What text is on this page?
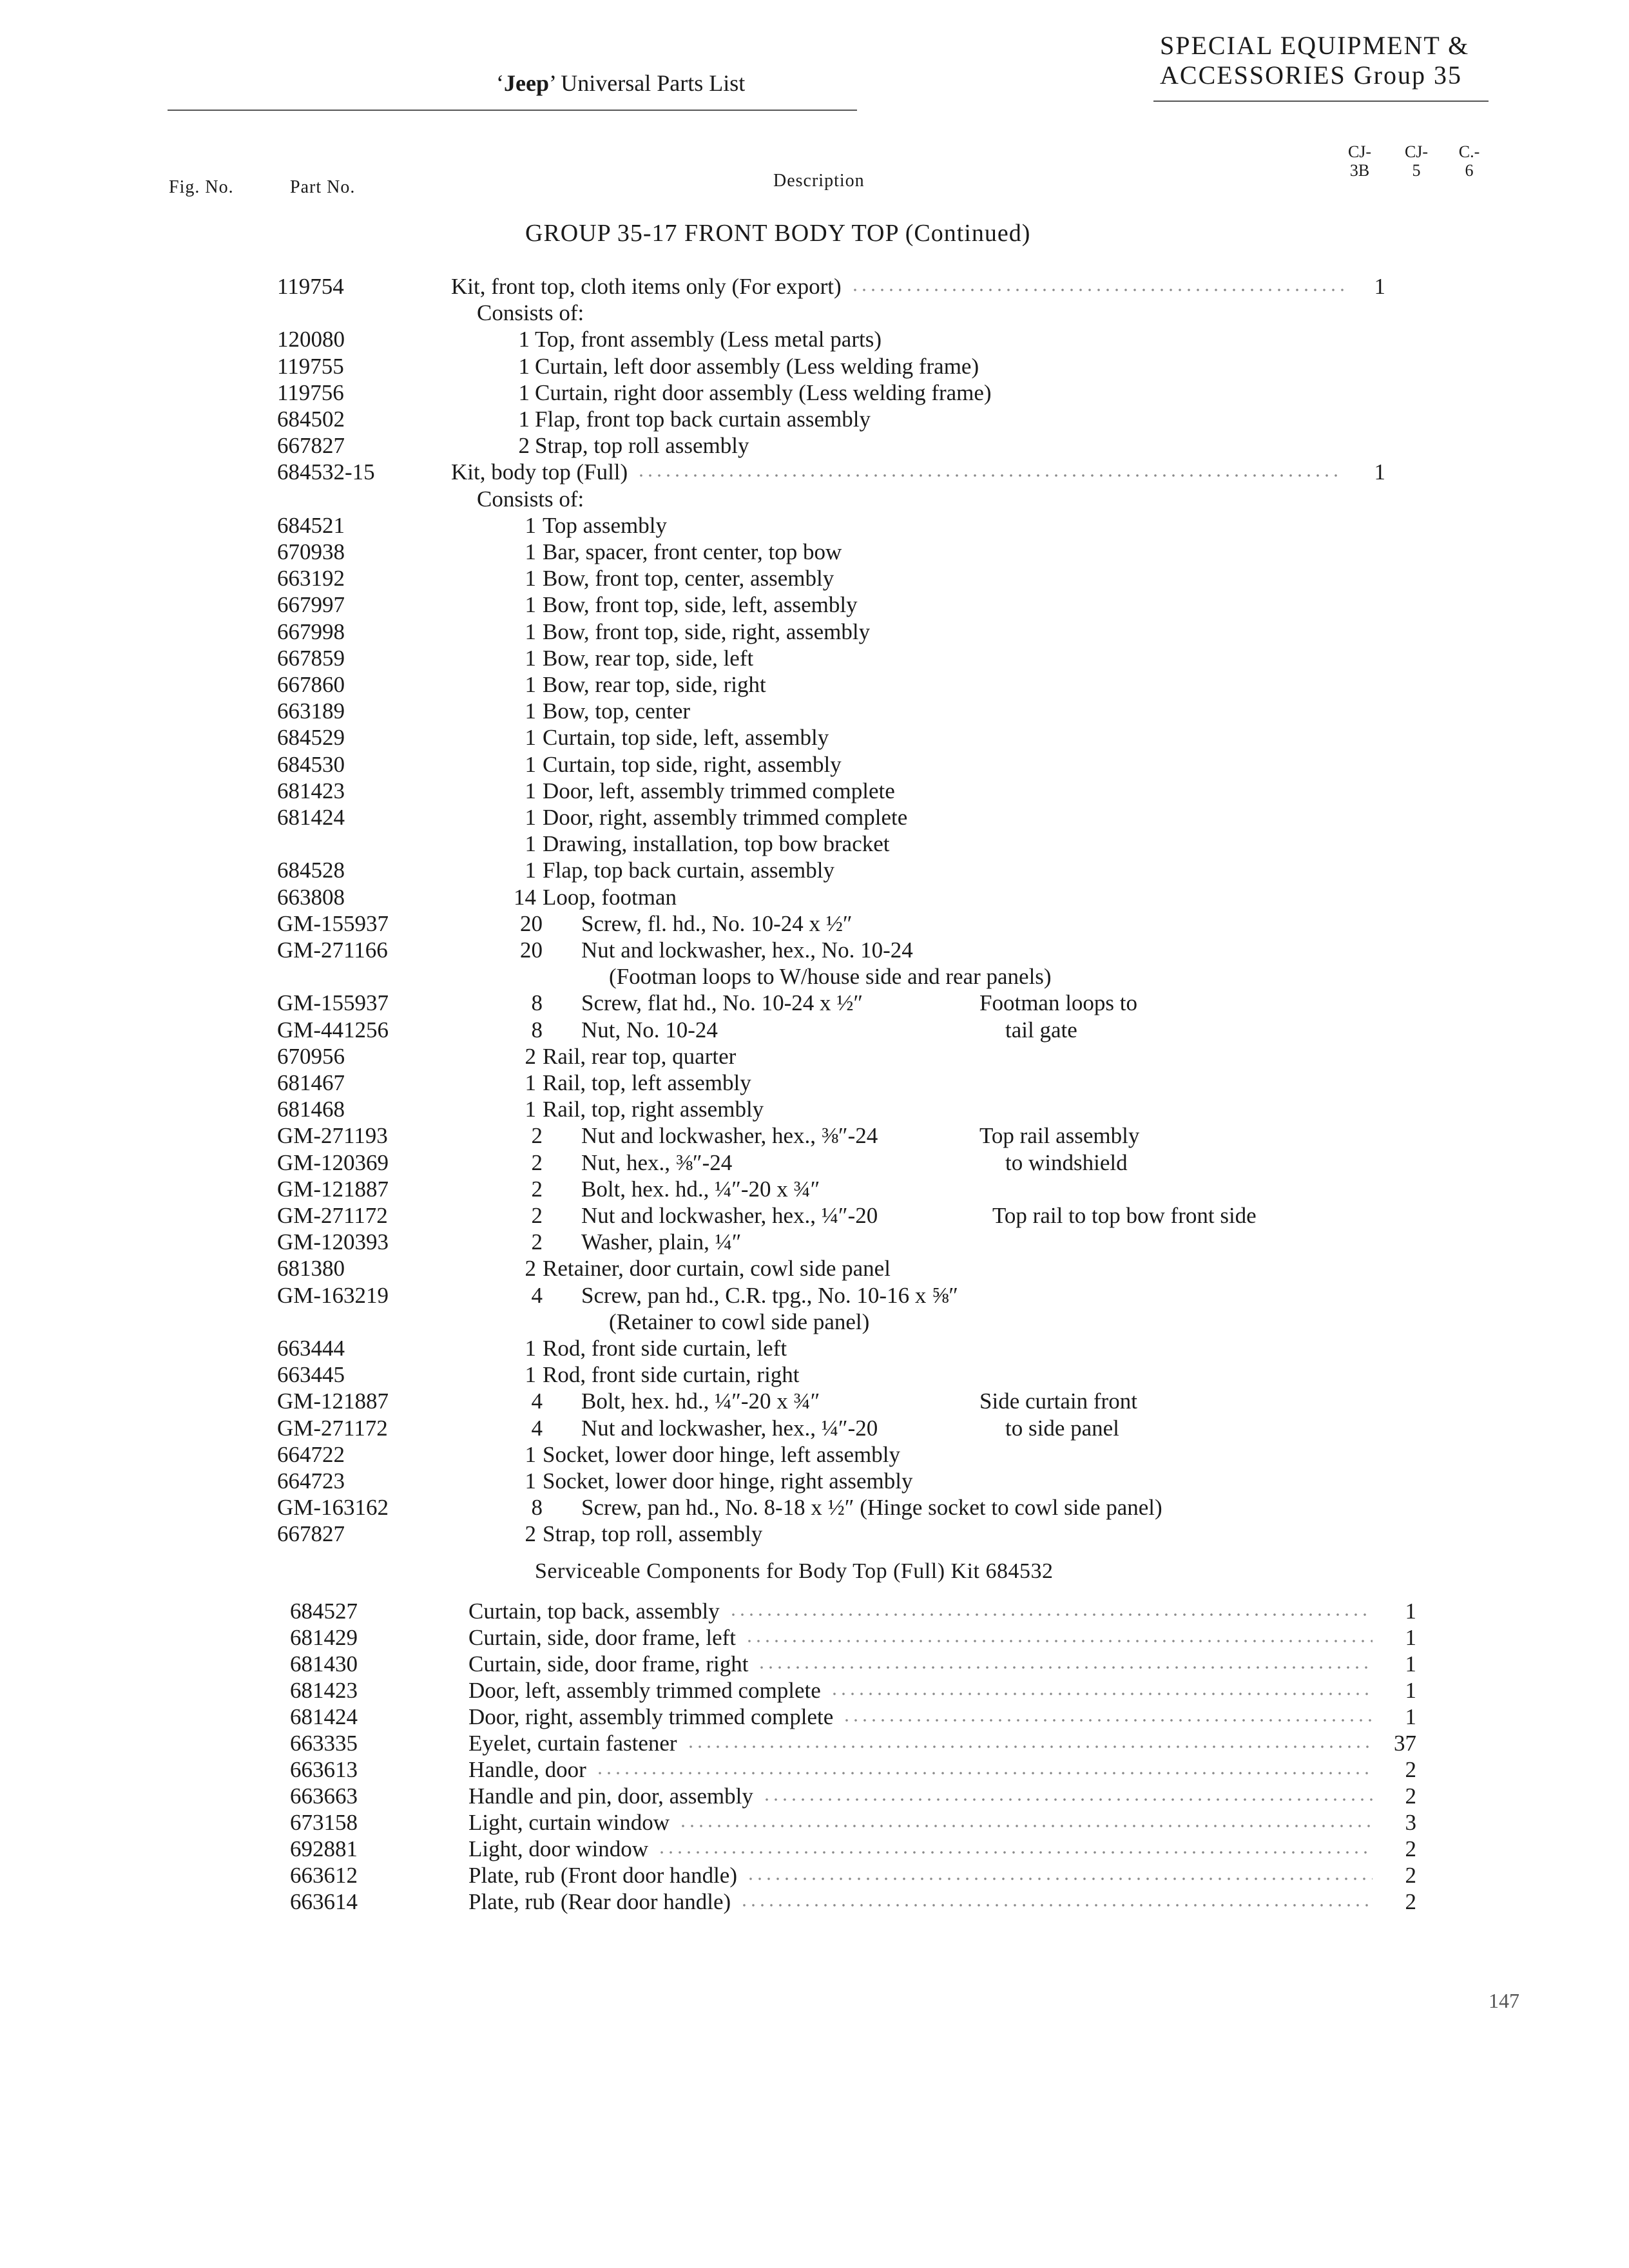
‘Jeep’ Universal Parts List
SPECIAL EQUIPMENT &
ACCESSORIES Group 35
Fig. No.	Part No.	Description
CJ-
3B
CJ-
5
C.-
6
GROUP 35-17 FRONT BODY TOP (Continued)
119754	Kit, front top, cloth items only (For export)	1
Consists of:
120080	1 Top, front assembly (Less metal parts)
119755	1 Curtain, left door assembly (Less welding frame)
119756	1 Curtain, right door assembly (Less welding frame)
684502	1 Flap, front top back curtain assembly
667827	2 Strap, top roll assembly
684532-15	Kit, body top (Full)	1
Consists of:
684521	1 Top assembly
670938	1 Bar, spacer, front center, top bow
663192	1 Bow, front top, center, assembly
667997	1 Bow, front top, side, left, assembly
667998	1 Bow, front top, side, right, assembly
667859	1 Bow, rear top, side, left
667860	1 Bow, rear top, side, right
663189	1 Bow, top, center
684529	1 Curtain, top side, left, assembly
684530	1 Curtain, top side, right, assembly
681423	1 Door, left, assembly trimmed complete
681424	1 Door, right, assembly trimmed complete
1 Drawing, installation, top bow bracket
684528	1 Flap, top back curtain, assembly
663808	14 Loop, footman
GM-155937	20 Screw, fl. hd., No. 10-24 x ½″
GM-271166	20 Nut and lockwasher, hex., No. 10-24
(Footman loops to W/house side and rear panels)
GM-155937	8 Screw, flat hd., No. 10-24 x ½″	Footman loops to
GM-441256	8 Nut, No. 10-24	tail gate
670956	2 Rail, rear top, quarter
681467	1 Rail, top, left assembly
681468	1 Rail, top, right assembly
GM-271193	2 Nut and lockwasher, hex., ⅜″-24	Top rail assembly
GM-120369	2 Nut, hex., ⅜″-24	to windshield
GM-121887	2 Bolt, hex. hd., ¼″-20 x ¾″
GM-271172	2 Nut and lockwasher, hex., ¼″-20	Top rail to top bow front side
GM-120393	2 Washer, plain, ¼″
681380	2 Retainer, door curtain, cowl side panel
GM-163219	4 Screw, pan hd., C.R. tpg., No. 10-16 x ⅝″
(Retainer to cowl side panel)
663444	1 Rod, front side curtain, left
663445	1 Rod, front side curtain, right
GM-121887	4 Bolt, hex. hd., ¼″-20 x ¾″	Side curtain front
GM-271172	4 Nut and lockwasher, hex., ¼″-20	to side panel
664722	1 Socket, lower door hinge, left assembly
664723	1 Socket, lower door hinge, right assembly
GM-163162	8 Screw, pan hd., No. 8-18 x ½″ (Hinge socket to cowl side panel)
667827	2 Strap, top roll, assembly
Serviceable Components for Body Top (Full) Kit 684532
684527	Curtain, top back, assembly	1
681429	Curtain, side, door frame, left	1
681430	Curtain, side, door frame, right	1
681423	Door, left, assembly trimmed complete	1
681424	Door, right, assembly trimmed complete	1
663335	Eyelet, curtain fastener	37
663613	Handle, door	2
663663	Handle and pin, door, assembly	2
673158	Light, curtain window	3
692881	Light, door window	2
663612	Plate, rub (Front door handle)	2
663614	Plate, rub (Rear door handle)	2
147
